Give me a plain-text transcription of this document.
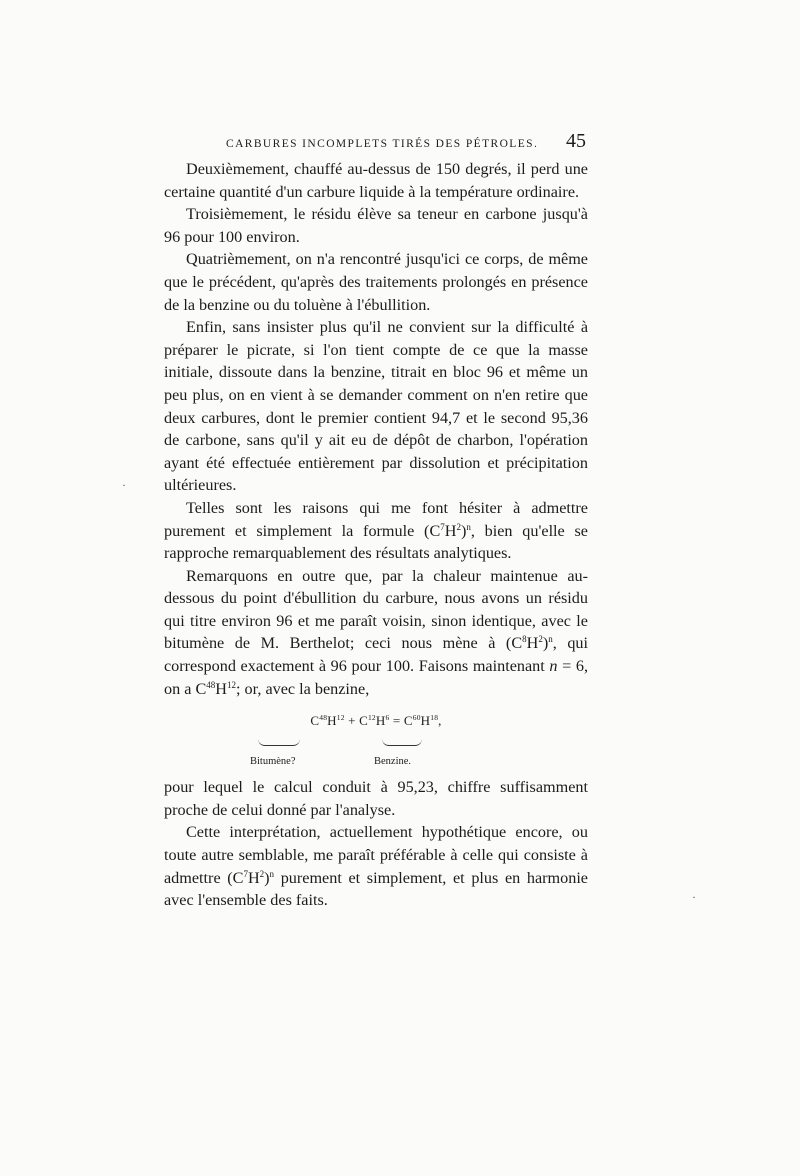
CARBURES INCOMPLETS TIRÉS DES PÉTROLES. 45

Deuxièmement, chauffé au-dessus de 150 degrés, il perd une certaine quantité d'un carbure liquide à la température ordinaire.

Troisièmement, le résidu élève sa teneur en carbone jusqu'à 96 pour 100 environ.

Quatrièmement, on n'a rencontré jusqu'ici ce corps, de même que le précédent, qu'après des traitements prolongés en présence de la benzine ou du toluène à l'ébullition.

Enfin, sans insister plus qu'il ne convient sur la difficulté à préparer le picrate, si l'on tient compte de ce que la masse initiale, dissoute dans la benzine, titrait en bloc 96 et même un peu plus, on en vient à se demander comment on n'en retire que deux carbures, dont le premier contient 94,7 et le second 95,36 de carbone, sans qu'il y ait eu de dépôt de charbon, l'opération ayant été effectuée entièrement par dissolution et précipitation ultérieures.

Telles sont les raisons qui me font hésiter à admettre purement et simplement la formule $(C^7H^2)^n$, bien qu'elle se rapproche remarquablement des résultats analytiques.

Remarquons en outre que, par la chaleur maintenue au-dessous du point d'ébullition du carbure, nous avons un résidu qui titre environ 96 et me paraît voisin, sinon identique, avec le bitumène de M. Berthelot; ceci nous mène à $(C^8H^2)^n$, qui correspond exactement à 96 pour 100. Faisons maintenant n = 6, on a $C^{48}H^{12}$; or, avec la benzine,

$C^{48}H^{12} + C^{12}H^6 = C^{60}H^{18}$,
Bitumène?	Benzine.

pour lequel le calcul conduit à 95,23, chiffre suffisamment proche de celui donné par l'analyse.

Cette interprétation, actuellement hypothétique encore, ou toute autre semblable, me paraît préférable à celle qui consiste à admettre $(C^7H^2)^n$ purement et simplement, et plus en harmonie avec l'ensemble des faits.

·
·
